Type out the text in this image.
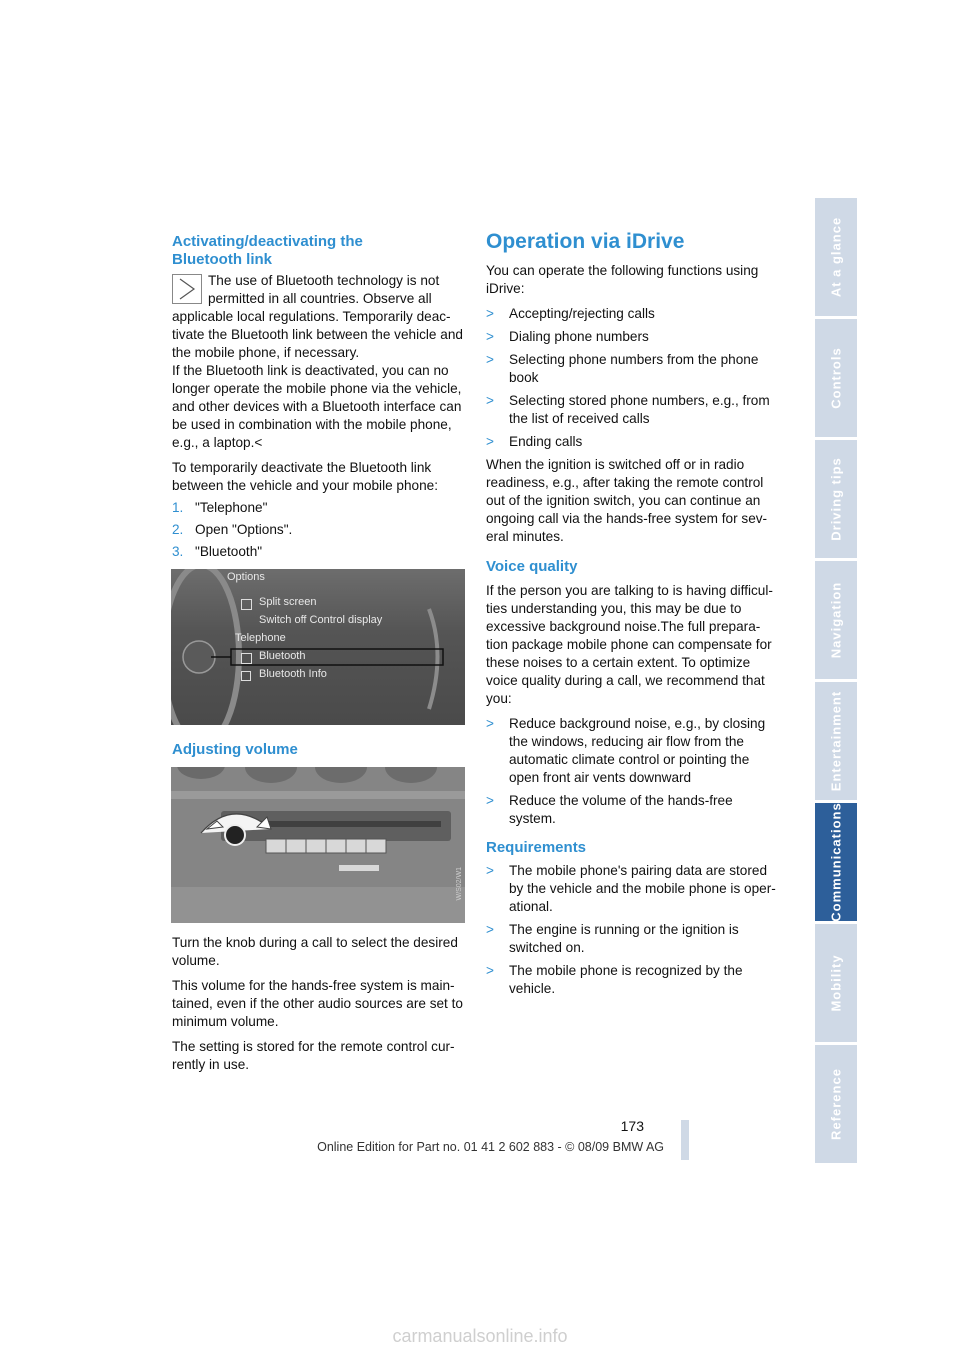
Activating/deactivating the
Bluetooth link

The use of Bluetooth technology is not

permitted in all countries. Observe all

applicable local regulations. Temporarily deac-tivate the Bluetooth link between the vehicle and the mobile phone, if necessary.

If the Bluetooth link is deactivated, you can no longer operate the mobile phone via the vehicle, and other devices with a Bluetooth interface can be used in combination with the mobile phone, e.g., a laptop.<

To temporarily deactivate the Bluetooth link between the vehicle and your mobile phone:

1. "Telephone"
2. Open "Options".
3. "Bluetooth"
Options
Split screen
Switch off Control display
Telephone
Bluetooth
Bluetooth Info
Adjusting volume
W/S02/W1

Turn the knob during a call to select the desired volume.

This volume for the hands-free system is main-tained, even if the other audio sources are set to minimum volume.

The setting is stored for the remote control cur-rently in use.

Operation via iDrive

You can operate the following functions using iDrive:

> Accepting/rejecting calls
> Dialing phone numbers
> Selecting phone numbers from the phone book
> Selecting stored phone numbers, e.g., from the list of received calls
> Ending calls

When the ignition is switched off or in radio readiness, e.g., after taking the remote control out of the ignition switch, you can continue an ongoing call via the hands-free system for sev-eral minutes.

Voice quality

If the person you are talking to is having difficul-ties understanding you, this may be due to excessive background noise.The full prepara-tion package mobile phone can compensate for these noises to a certain extent. To optimize voice quality during a call, we recommend that you:

> Reduce background noise, e.g., by closing the windows, reducing air flow from the automatic climate control or pointing the open front air vents downward
> Reduce the volume of the hands-free system.
Requirements
> The mobile phone's pairing data are stored by the vehicle and the mobile phone is oper-ational.
> The engine is running or the ignition is switched on.
> The mobile phone is recognized by the vehicle.
At a glance
Controls
Driving tips
Navigation
Entertainment
Communications
Mobility
Reference
173
Online Edition for Part no. 01 41 2 602 883 - © 08/09 BMW AG
carmanualsonline.info
